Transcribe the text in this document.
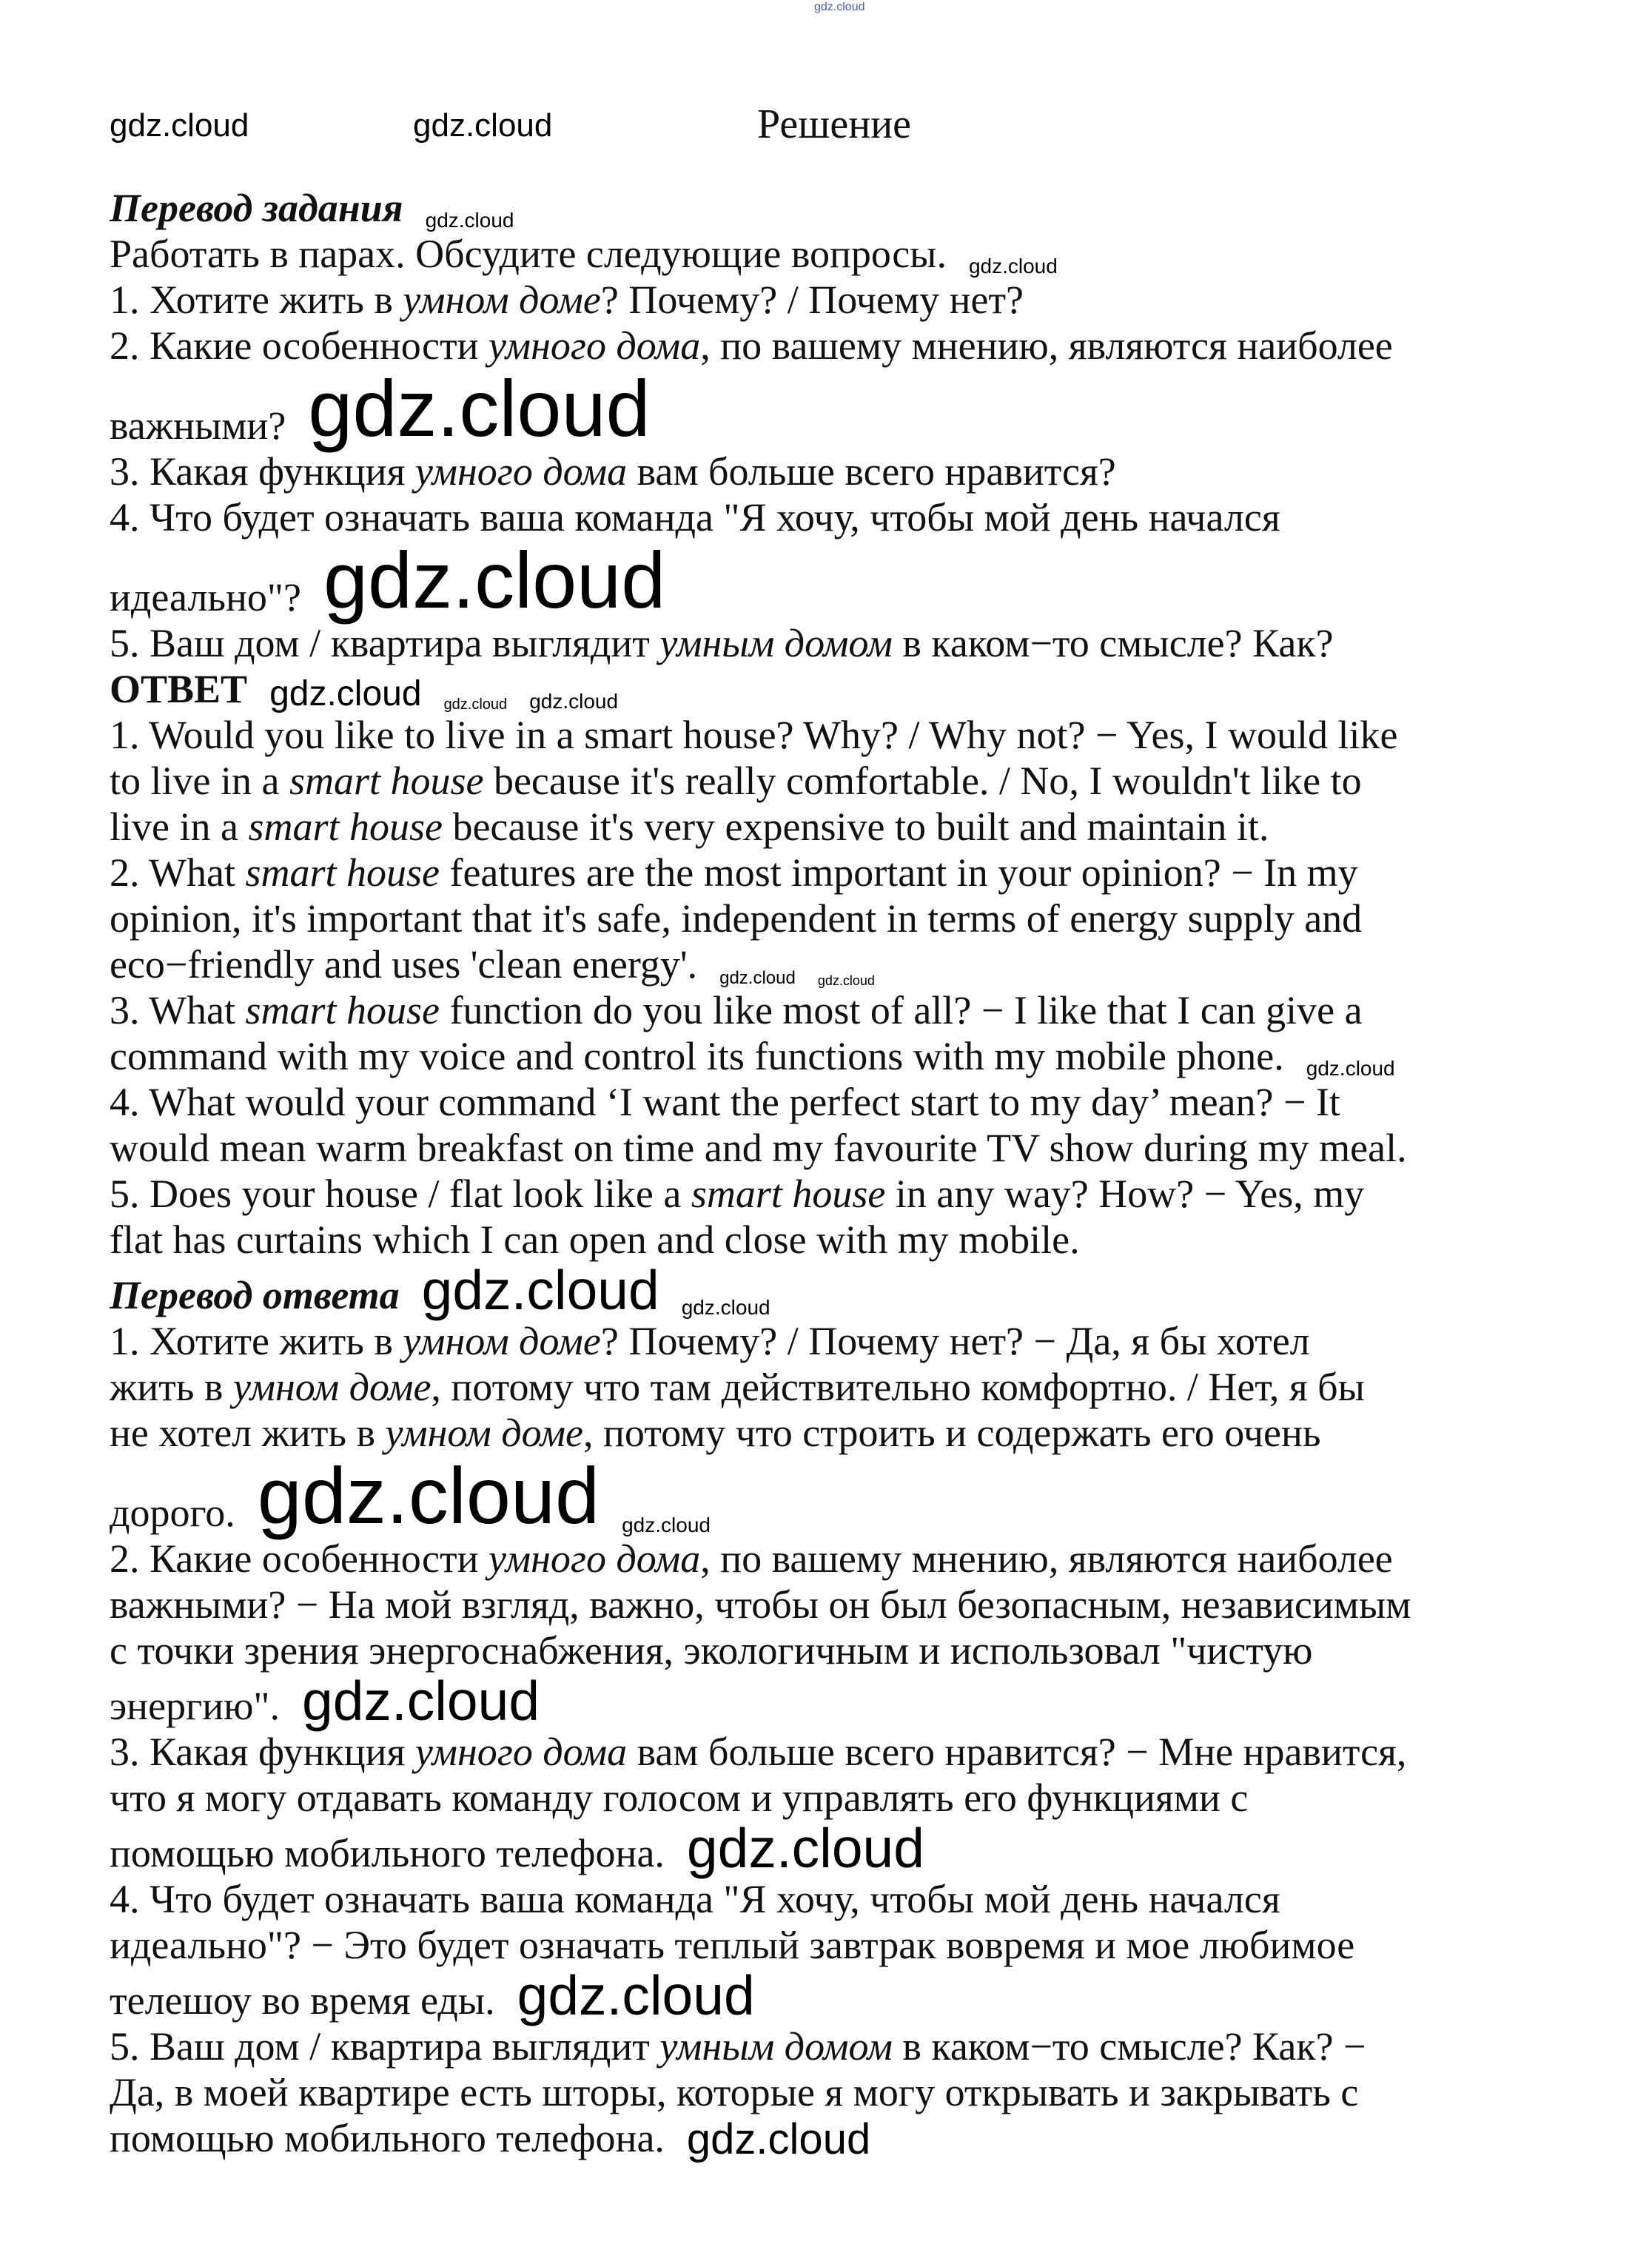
gdz.cloud
gdz.cloud	gdz.cloud	Решение
Перевод задания gdz.cloud
Работать в парах. Обсудите следующие вопросы. gdz.cloud
1. Хотите жить в умном доме? Почему? / Почему нет?
2. Какие особенности умного дома, по вашему мнению, являются наиболее
важными? gdz.cloud
3. Какая функция умного дома вам больше всего нравится?
4. Что будет означать ваша команда "Я хочу, чтобы мой день начался
идеально"? gdz.cloud
5. Ваш дом / квартира выглядит умным домом в каком−то смысле? Как?
ОТВЕТ gdz.cloud gdz.cloud gdz.cloud
1. Would you like to live in a smart house? Why? / Why not? − Yes, I would like
to live in a smart house because it's really comfortable. / No, I wouldn't like to
live in a smart house because it's very expensive to built and maintain it.
2. What smart house features are the most important in your opinion? − In my
opinion, it's important that it's safe, independent in terms of energy supply and
eco−friendly and uses 'clean energy'. gdz.cloud gdz.cloud
3. What smart house function do you like most of all? − I like that I can give a
command with my voice and control its functions with my mobile phone. gdz.cloud
4. What would your command ‘I want the perfect start to my day’ mean? − It
would mean warm breakfast on time and my favourite TV show during my meal.
5. Does your house / flat look like a smart house in any way? How? − Yes, my
flat has curtains which I can open and close with my mobile.
Перевод ответа gdz.cloud gdz.cloud
1. Хотите жить в умном доме? Почему? / Почему нет? − Да, я бы хотел
жить в умном доме, потому что там действительно комфортно. / Нет, я бы
не хотел жить в умном доме, потому что строить и содержать его очень
дорого. gdz.cloud gdz.cloud
2. Какие особенности умного дома, по вашему мнению, являются наиболее
важными? − На мой взгляд, важно, чтобы он был безопасным, независимым
с точки зрения энергоснабжения, экологичным и использовал "чистую
энергию". gdz.cloud
3. Какая функция умного дома вам больше всего нравится? − Мне нравится,
что я могу отдавать команду голосом и управлять его функциями с
помощью мобильного телефона. gdz.cloud
4. Что будет означать ваша команда "Я хочу, чтобы мой день начался
идеально"? − Это будет означать теплый завтрак вовремя и мое любимое
телешоу во время еды. gdz.cloud
5. Ваш дом / квартира выглядит умным домом в каком−то смысле? Как? −
Да, в моей квартире есть шторы, которые я могу открывать и закрывать с
помощью мобильного телефона. gdz.cloud
